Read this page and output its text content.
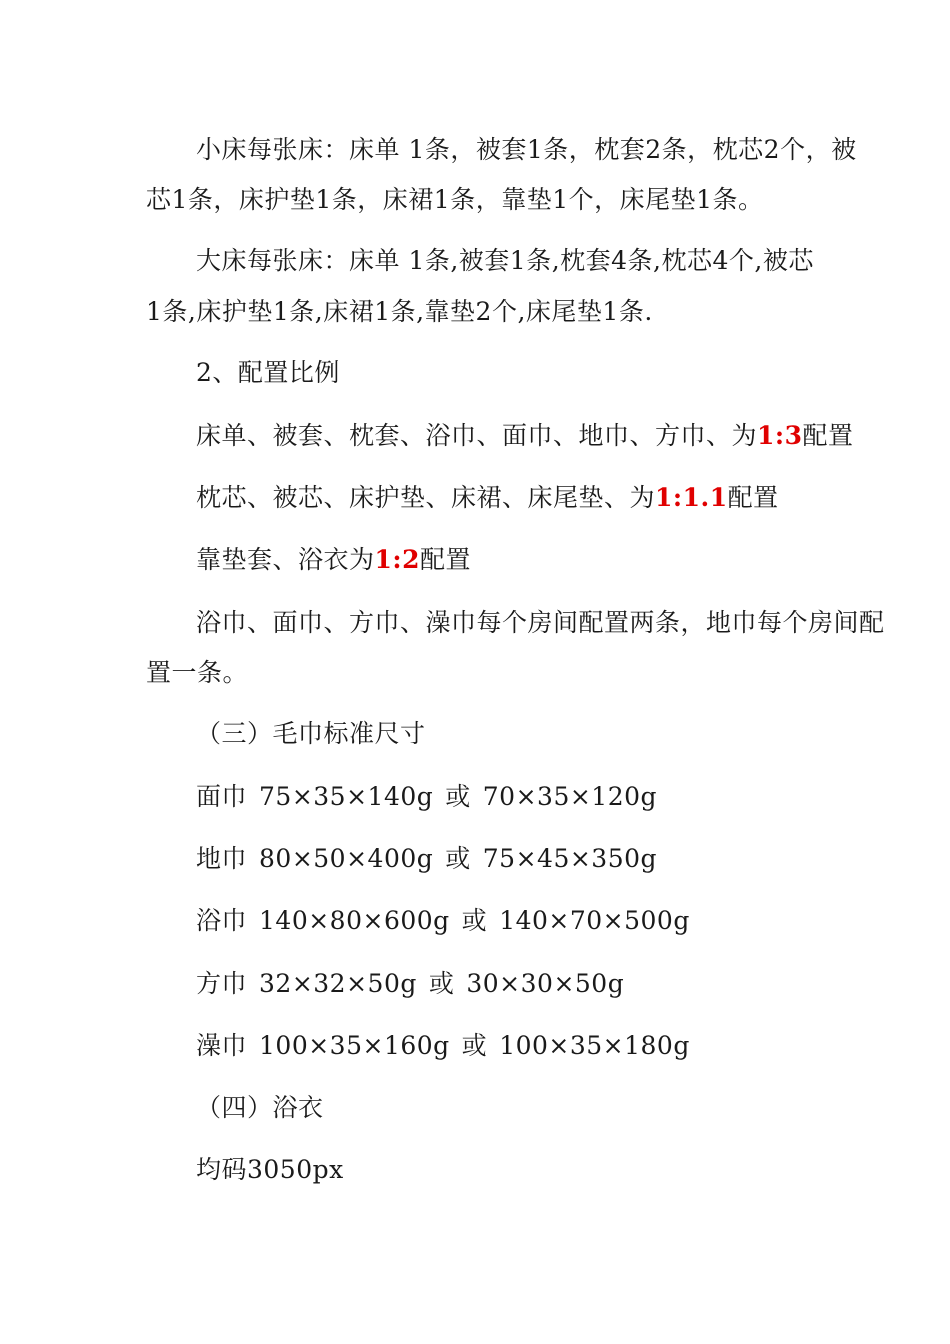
小床每张床：床单 1条，被套1条，枕套2条，枕芯2个，被
芯1条，床护垫1条，床裙1条，靠垫1个，床尾垫1条。
大床每张床：床单 1条,被套1条,枕套4条,枕芯4个,被芯
1条,床护垫1条,床裙1条,靠垫2个,床尾垫1条.
2、配置比例
床单、被套、枕套、浴巾、面巾、地巾、方巾、为1:3配置
枕芯、被芯、床护垫、床裙、床尾垫、为1:1.1配置
靠垫套、浴衣为1:2配置
浴巾、面巾、方巾、澡巾每个房间配置两条，地巾每个房间配
置一条。
（三）毛巾标准尺寸
面巾 75×35×140g 或 70×35×120g
地巾 80×50×400g 或 75×45×350g
浴巾 140×80×600g 或 140×70×500g
方巾 32×32×50g 或 30×30×50g
澡巾 100×35×160g 或 100×35×180g
（四）浴衣
均码3050px
